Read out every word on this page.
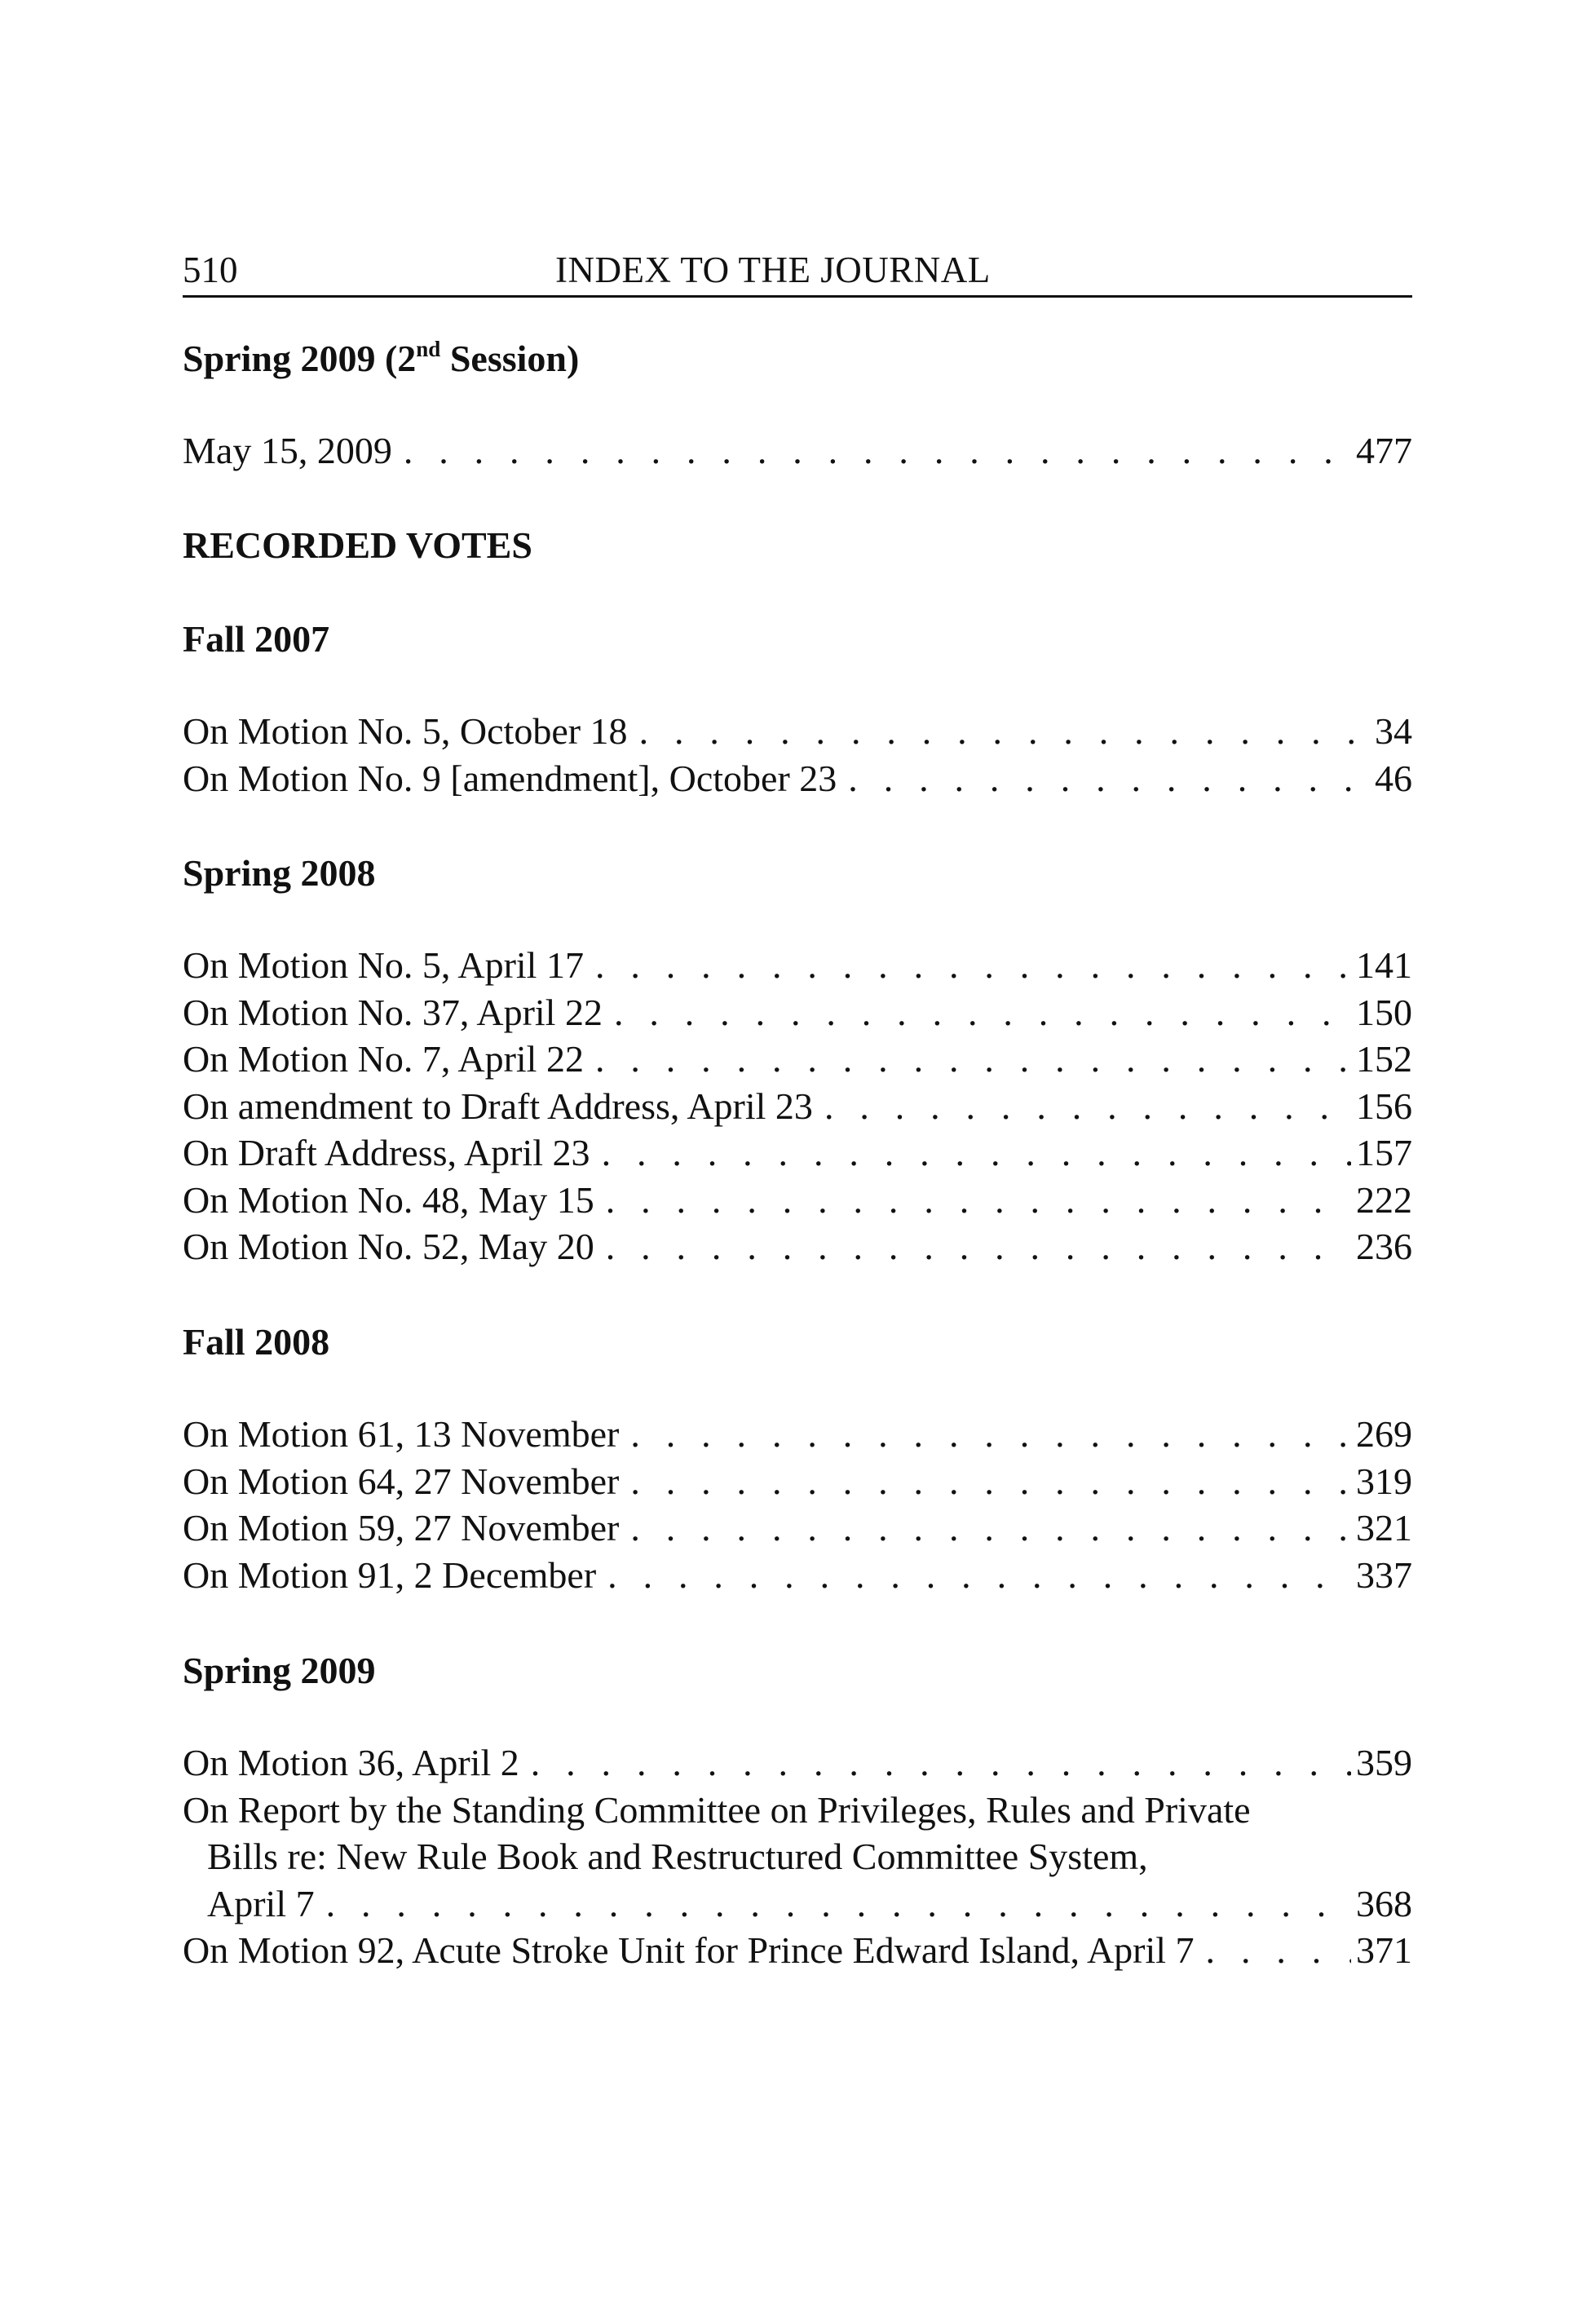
510	INDEX TO THE JOURNAL

Spring 2009 (2nd Session)

May 15, 2009 . . .	477

RECORDED VOTES

Fall 2007

On Motion No. 5, October 18 . . .	34
On Motion No. 9 [amendment], October 23 . . .	46

Spring 2008

On Motion No. 5, April 17 . . .	141
On Motion No. 37, April 22 . . .	150
On Motion No. 7, April 22 . . .	152
On amendment to Draft Address, April 23 . . .	156
On Draft Address, April 23 . . .	157
On Motion No. 48, May 15 . . .	222
On Motion No. 52, May 20 . . .	236

Fall 2008

On Motion 61, 13 November . . .	269
On Motion 64, 27 November . . .	319
On Motion 59, 27 November . . .	321
On Motion 91, 2 December . . .	337

Spring 2009

On Motion 36, April 2 . . .	359
On Report by the Standing Committee on Privileges, Rules and Private
Bills re: New Rule Book and Restructured Committee System,
April 7 . . .	368
On Motion 92, Acute Stroke Unit for Prince Edward Island, April 7 . . .	371
